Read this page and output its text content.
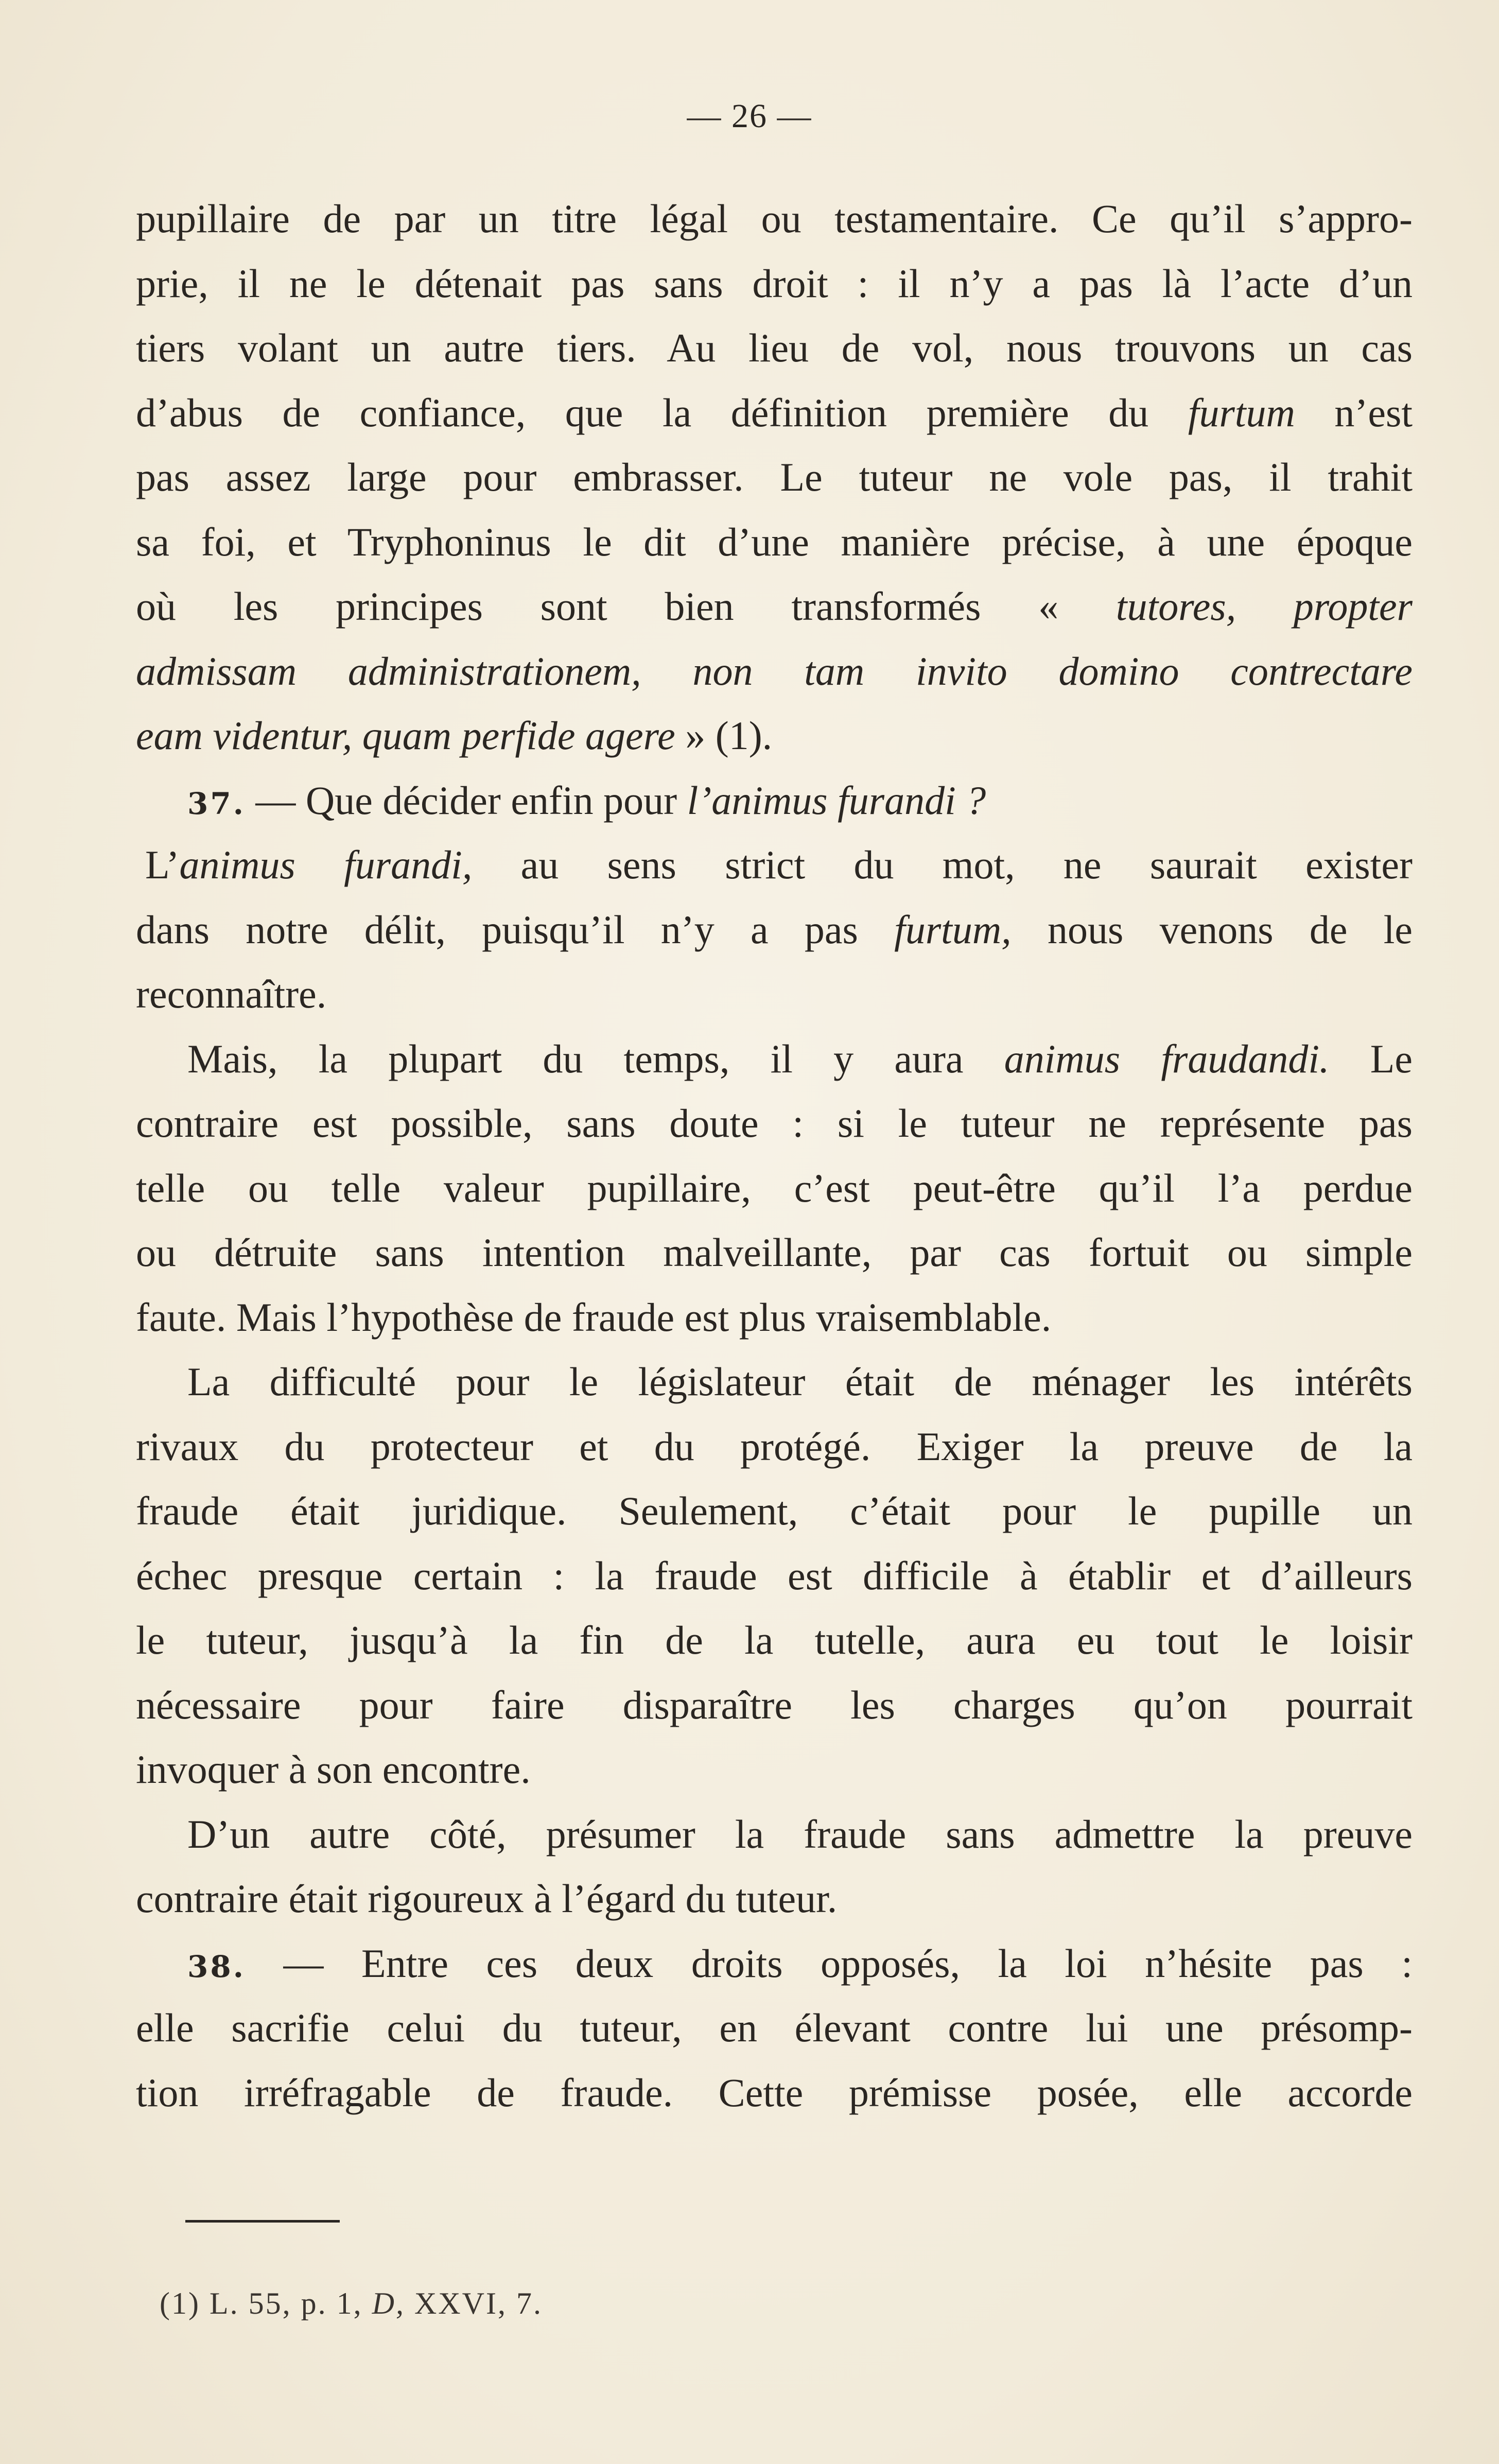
— 26 —
pupillaire de par un titre légal ou testamentaire. Ce qu’il s’appro-
prie, il ne le détenait pas sans droit : il n’y a pas là l’acte d’un
tiers volant un autre tiers. Au lieu de vol, nous trouvons un cas
d’abus de confiance, que la définition première du furtum n’est
pas assez large pour embrasser. Le tuteur ne vole pas, il trahit
sa foi, et Tryphoninus le dit d’une manière précise, à une époque
où les principes sont bien transformés « tutores, propter
admissam administrationem, non tam invito domino contrectare
eam videntur, quam perfide agere » (1).
37. — Que décider enfin pour l’animus furandi ?
L’animus furandi, au sens strict du mot, ne saurait exister
dans notre délit, puisqu’il n’y a pas furtum, nous venons de le
reconnaître.
Mais, la plupart du temps, il y aura animus fraudandi. Le
contraire est possible, sans doute : si le tuteur ne représente pas
telle ou telle valeur pupillaire, c’est peut-être qu’il l’a perdue
ou détruite sans intention malveillante, par cas fortuit ou simple
faute. Mais l’hypothèse de fraude est plus vraisemblable.
La difficulté pour le législateur était de ménager les intérêts
rivaux du protecteur et du protégé. Exiger la preuve de la
fraude était juridique. Seulement, c’était pour le pupille un
échec presque certain : la fraude est difficile à établir et d’ailleurs
le tuteur, jusqu’à la fin de la tutelle, aura eu tout le loisir
nécessaire pour faire disparaître les charges qu’on pourrait
invoquer à son encontre.
D’un autre côté, présumer la fraude sans admettre la preuve
contraire était rigoureux à l’égard du tuteur.
38. — Entre ces deux droits opposés, la loi n’hésite pas :
elle sacrifie celui du tuteur, en élevant contre lui une présomp-
tion irréfragable de fraude. Cette prémisse posée, elle accorde
(1) L. 55, p. 1, D, XXVI, 7.
